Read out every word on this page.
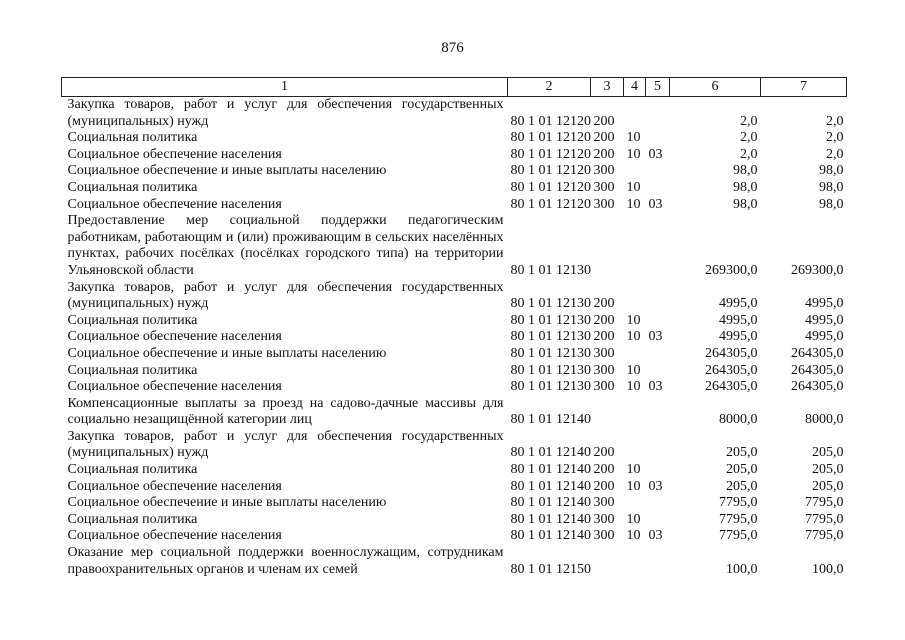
876
1	2	3	4	5	6	7
Закупка товаров, работ и услуг для обеспечения государственных (муниципальных) нужд	80 1 01 12120	200			2,0	2,0
Социальная политика	80 1 01 12120	200	10		2,0	2,0
Социальное обеспечение населения	80 1 01 12120	200	10	03	2,0	2,0
Социальное обеспечение и иные выплаты населению	80 1 01 12120	300			98,0	98,0
Социальная политика	80 1 01 12120	300	10		98,0	98,0
Социальное обеспечение населения	80 1 01 12120	300	10	03	98,0	98,0
Предоставление мер социальной поддержки педагогическим работникам, работающим и (или) проживающим в сельских населённых пунктах, рабочих посёлках (посёлках городского типа) на территории Ульяновской области	80 1 01 12130				269300,0	269300,0
Закупка товаров, работ и услуг для обеспечения государственных (муниципальных) нужд	80 1 01 12130	200			4995,0	4995,0
Социальная политика	80 1 01 12130	200	10		4995,0	4995,0
Социальное обеспечение населения	80 1 01 12130	200	10	03	4995,0	4995,0
Социальное обеспечение и иные выплаты населению	80 1 01 12130	300			264305,0	264305,0
Социальная политика	80 1 01 12130	300	10		264305,0	264305,0
Социальное обеспечение населения	80 1 01 12130	300	10	03	264305,0	264305,0
Компенсационные выплаты за проезд на садово-дачные массивы для социально незащищённой категории лиц	80 1 01 12140				8000,0	8000,0
Закупка товаров, работ и услуг для обеспечения государственных (муниципальных) нужд	80 1 01 12140	200			205,0	205,0
Социальная политика	80 1 01 12140	200	10		205,0	205,0
Социальное обеспечение населения	80 1 01 12140	200	10	03	205,0	205,0
Социальное обеспечение и иные выплаты населению	80 1 01 12140	300			7795,0	7795,0
Социальная политика	80 1 01 12140	300	10		7795,0	7795,0
Социальное обеспечение населения	80 1 01 12140	300	10	03	7795,0	7795,0
Оказание мер социальной поддержки военнослужащим, сотрудникам правоохранительных органов и членам их семей	80 1 01 12150				100,0	100,0
